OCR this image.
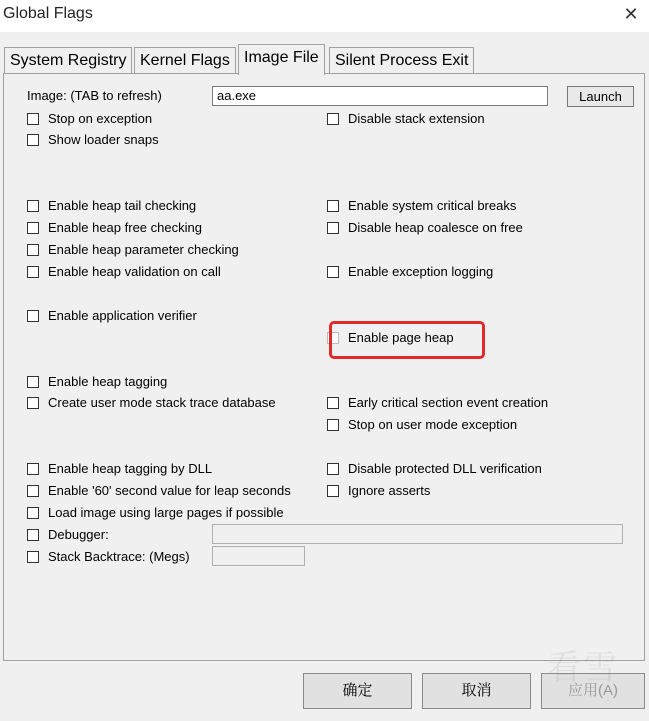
Global Flags	✕
System Registry Kernel Flags Image File	Silent Process Exit
Image: (TAB to refresh)
aa.exe	Launch
Stop on exception	Disable stack extension
Show loader snaps
Enable heap tail checking	Enable system critical breaks
Enable heap free checking	Disable heap coalesce on free
Enable heap parameter checking
Enable heap validation on call	Enable exception logging
Enable application verifier
Enable page heap
Enable heap tagging
Create user mode stack trace database	Early critical section event creation
Stop on user mode exception
Enable heap tagging by DLL	Disable protected DLL verification
Enable '60' second value for leap seconds	Ignore asserts
Load image using large pages if possible
Debugger:
Stack Backtrace: (Megs)
确定	取消	应用(A)
看雪
